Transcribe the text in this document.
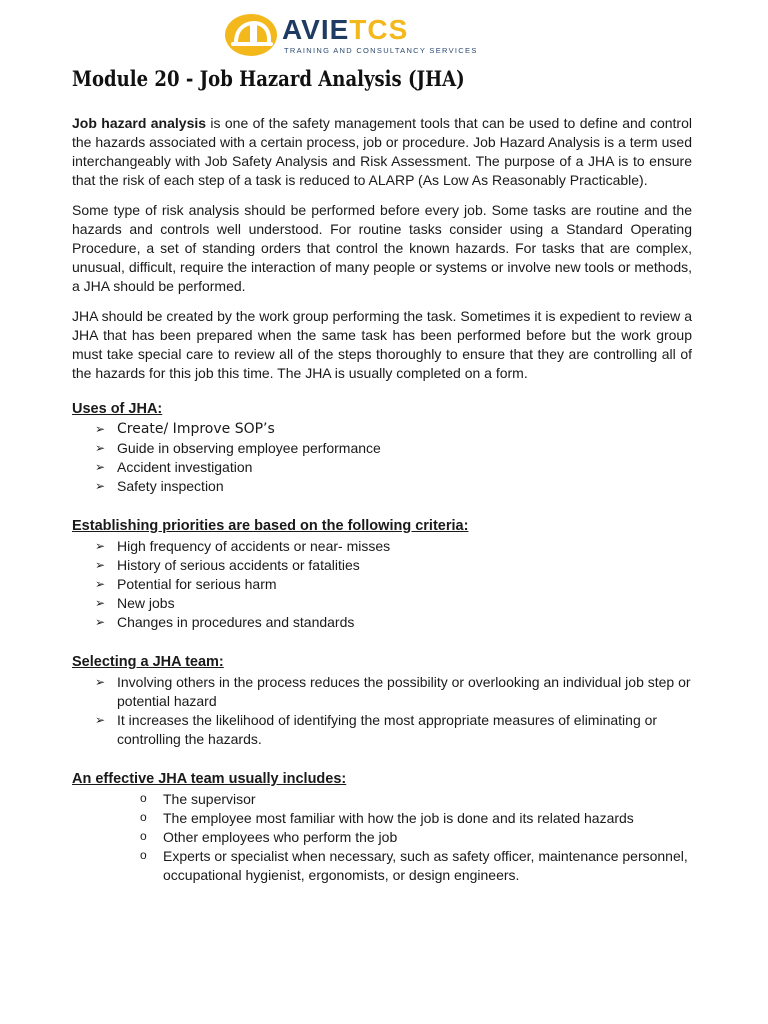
AVIETCS
TRAINING AND CONSULTANCY SERVICES
Module 20 - Job Hazard Analysis (JHA)

Job hazard analysis is one of the safety management tools that can be used to define and control the hazards associated with a certain process, job or procedure. Job Hazard Analysis is a term used interchangeably with Job Safety Analysis and Risk Assessment. The purpose of a JHA is to ensure that the risk of each step of a task is reduced to ALARP (As Low As Reasonably Practicable).

Some type of risk analysis should be performed before every job. Some tasks are routine and the hazards and controls well understood. For routine tasks consider using a Standard Operating Procedure, a set of standing orders that control the known hazards. For tasks that are complex, unusual, difficult, require the interaction of many people or systems or involve new tools or methods, a JHA should be performed.

JHA should be created by the work group performing the task. Sometimes it is expedient to review a JHA that has been prepared when the same task has been performed before but the work group must take special care to review all of the steps thoroughly to ensure that they are controlling all of the hazards for this job this time. The JHA is usually completed on a form.

Uses of JHA:
➢ Create/ Improve SOP’s
➢ Guide in observing employee performance
➢ Accident investigation
➢ Safety inspection
Establishing priorities are based on the following criteria:
➢ High frequency of accidents or near- misses
➢ History of serious accidents or fatalities
➢ Potential for serious harm
➢ New jobs
➢ Changes in procedures and standards
Selecting a JHA team:
➢ Involving others in the process reduces the possibility or overlooking an individual job step or potential hazard
➢ It increases the likelihood of identifying the most appropriate measures of eliminating or controlling the hazards.
An effective JHA team usually includes:
o The supervisor
o The employee most familiar with how the job is done and its related hazards
o Other employees who perform the job
o Experts or specialist when necessary, such as safety officer, maintenance personnel, occupational hygienist, ergonomists, or design engineers.
